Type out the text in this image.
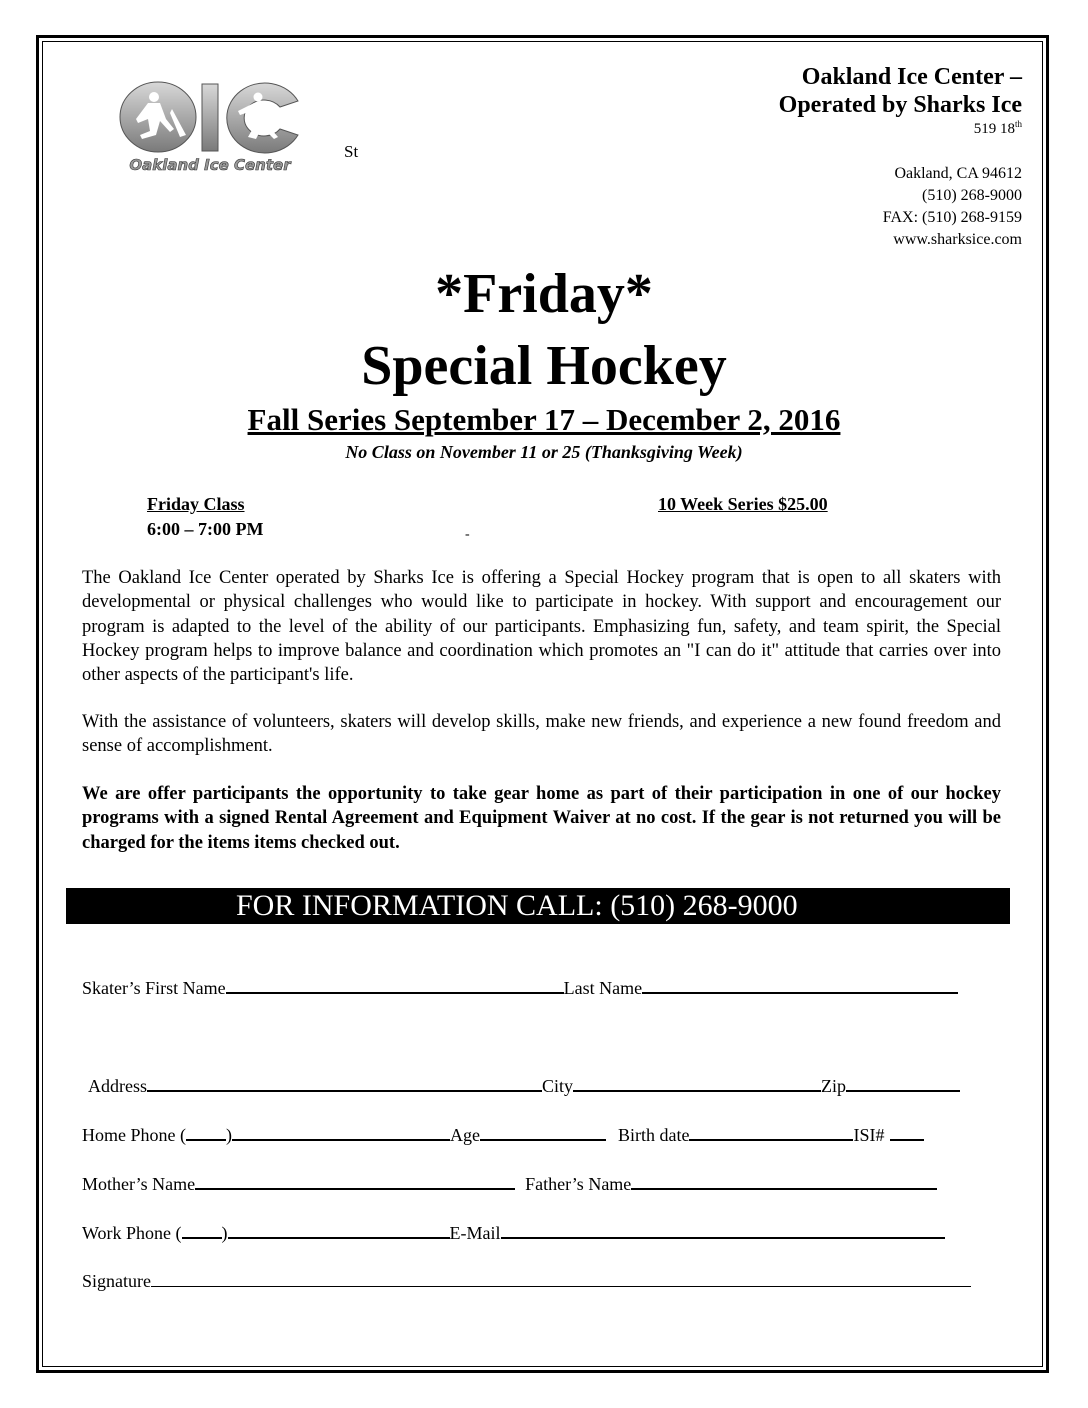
Oakland Ice Center
St
Oakland Ice Center –
Operated by Sharks Ice
519 18th
Oakland, CA 94612
(510) 268-9000
FAX: (510) 268-9159
www.sharksice.com
*Friday*
Special Hockey
Fall Series September 17 – December 2, 2016
No Class on November 11 or 25 (Thanksgiving Week)
Friday Class
6:00 – 7:00 PM
10 Week Series $25.00
-
The Oakland Ice Center operated by Sharks Ice is offering a Special Hockey program that is open to all skaters with developmental or physical challenges who would like to participate in hockey. With support and encouragement our program is adapted to the level of the ability of our participants. Emphasizing fun, safety, and team spirit, the Special Hockey program helps to improve balance and coordination which promotes an "I can do it" attitude that carries over into other aspects of the participant's life.
With the assistance of volunteers, skaters will develop skills, make new friends, and experience a new found freedom and sense of accomplishment.
We are offer participants the opportunity to take gear home as part of their participation in one of our hockey programs with a signed Rental Agreement and Equipment Waiver at no cost. If the gear is not returned you will be charged for the items items checked out.
FOR INFORMATION CALL: (510) 268-9000
Skater’s First Name	Last Name
Address	City	Zip
Home Phone ( )	Age	Birth date	ISI#
Mother’s Name	Father’s Name
Work Phone ( )	E-Mail
Signature
